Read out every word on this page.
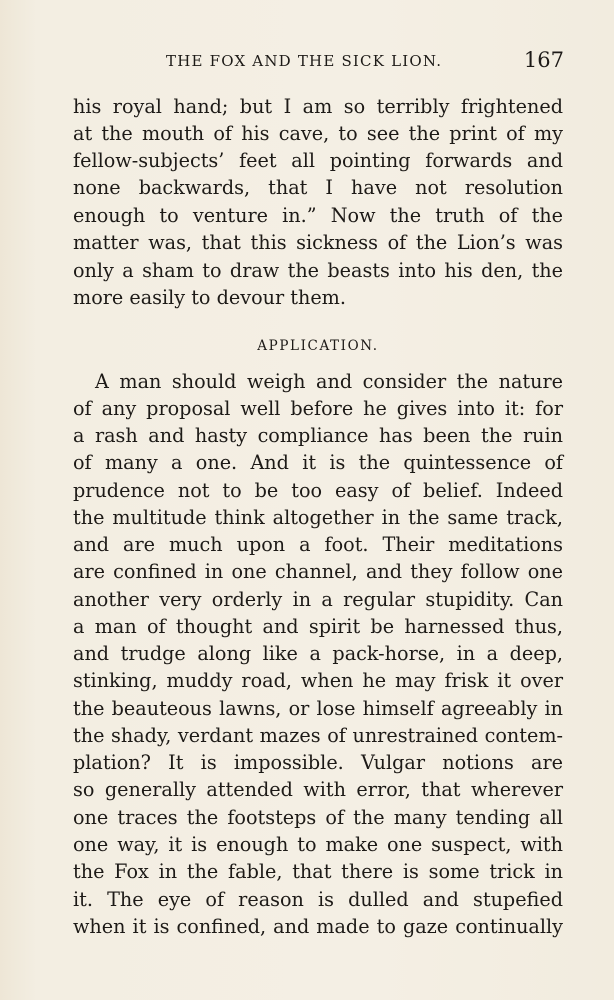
THE FOX AND THE SICK LION.	167
his royal hand; but I am so terribly frightened
at the mouth of his cave, to see the print of my
fellow-subjects’ feet all pointing forwards and
none backwards, that I have not resolution
enough to venture in.” Now the truth of the
matter was, that this sickness of the Lion’s was
only a sham to draw the beasts into his den, the
more easily to devour them.
APPLICATION.
A man should weigh and consider the nature
of any proposal well before he gives into it: for
a rash and hasty compliance has been the ruin
of many a one. And it is the quintessence of
prudence not to be too easy of belief. Indeed
the multitude think altogether in the same track,
and are much upon a foot. Their meditations
are confined in one channel, and they follow one
another very orderly in a regular stupidity. Can
a man of thought and spirit be harnessed thus,
and trudge along like a pack-horse, in a deep,
stinking, muddy road, when he may frisk it over
the beauteous lawns, or lose himself agreeably in
the shady, verdant mazes of unrestrained contem-
plation? It is impossible. Vulgar notions are
so generally attended with error, that wherever
one traces the footsteps of the many tending all
one way, it is enough to make one suspect, with
the Fox in the fable, that there is some trick in
it. The eye of reason is dulled and stupefied
when it is confined, and made to gaze continually
